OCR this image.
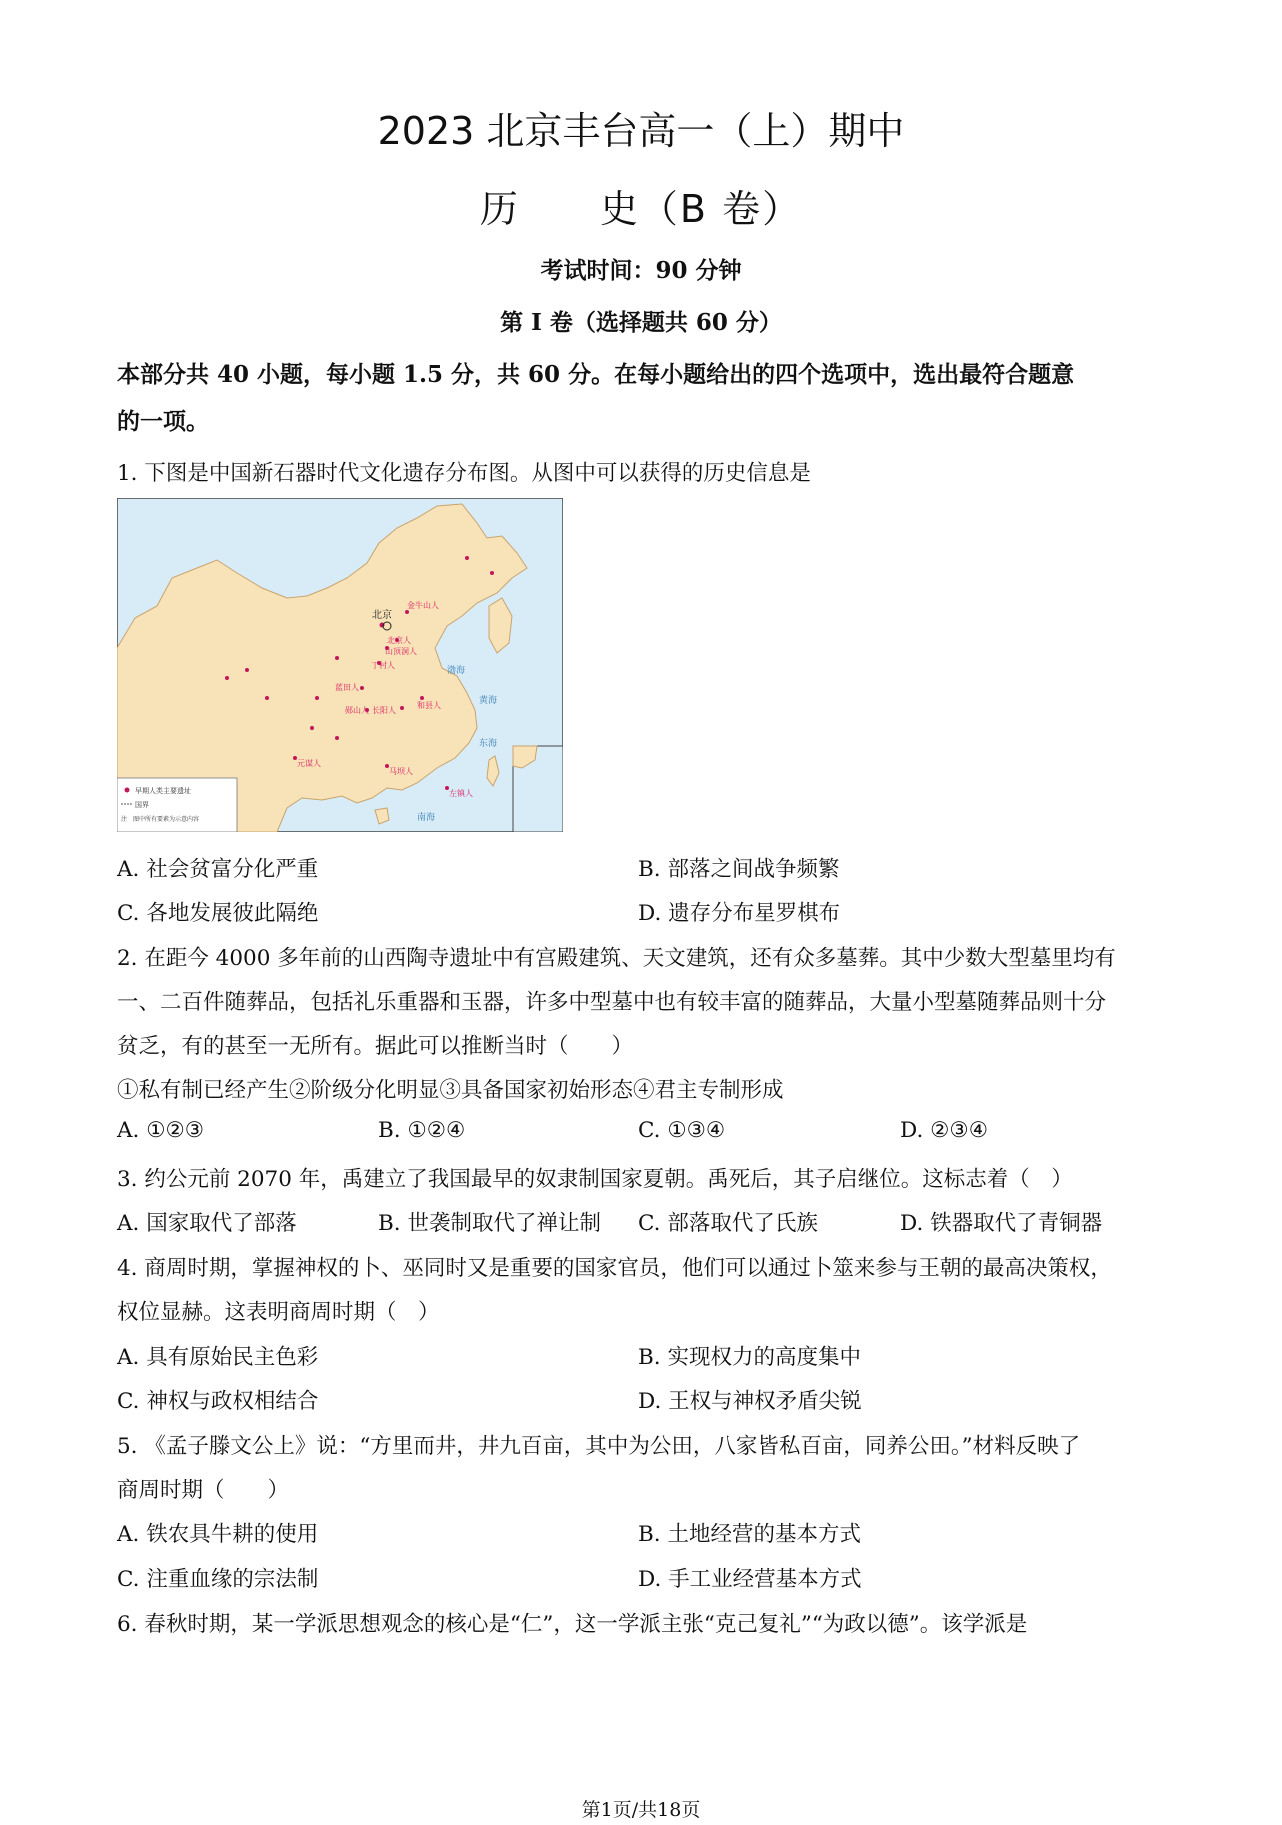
2023 北京丰台高一（上）期中
历　　史（B 卷）
考试时间：90 分钟
第 I 卷（选择题共 60 分）
本部分共 40 小题，每小题 1.5 分，共 60 分。在每小题给出的四个选项中，选出最符合题意
的一项。
1. 下图是中国新石器时代文化遗存分布图。从图中可以获得的历史信息是
早期人类主要遗址
国界
注　图中所有要素为示意内容
渤海
黄海
东海
南海
北京
金牛山人
北京人
山顶洞人
丁村人
蓝田人
郧山人 长阳人
和县人
元谋人
马坝人
左镇人
A. 社会贫富分化严重	B. 部落之间战争频繁
C. 各地发展彼此隔绝	D. 遗存分布星罗棋布
2. 在距今 4000 多年前的山西陶寺遗址中有宫殿建筑、天文建筑，还有众多墓葬。其中少数大型墓里均有
一、二百件随葬品，包括礼乐重器和玉器，许多中型墓中也有较丰富的随葬品，大量小型墓随葬品则十分
贫乏，有的甚至一无所有。据此可以推断当时（　　）
①私有制已经产生②阶级分化明显③具备国家初始形态④君主专制形成
A. ①②③	B. ①②④	C. ①③④	D. ②③④
3. 约公元前 2070 年，禹建立了我国最早的奴隶制国家夏朝。禹死后，其子启继位。这标志着（　）
A. 国家取代了部落	B. 世袭制取代了禅让制 C. 部落取代了氏族	D. 铁器取代了青铜器
4. 商周时期，掌握神权的卜、巫同时又是重要的国家官员，他们可以通过卜筮来参与王朝的最高决策权，
权位显赫。这表明商周时期（　）
A. 具有原始民主色彩	B. 实现权力的高度集中
C. 神权与政权相结合	D. 王权与神权矛盾尖锐
5. 《孟子滕文公上》说：“方里而井，井九百亩，其中为公田，八家皆私百亩，同养公田。”材料反映了
商周时期（　　）
A. 铁农具牛耕的使用	B. 土地经营的基本方式
C. 注重血缘的宗法制	D. 手工业经营基本方式
6. 春秋时期，某一学派思想观念的核心是“仁”，这一学派主张“克己复礼”“为政以德”。该学派是
第1页/共18页
